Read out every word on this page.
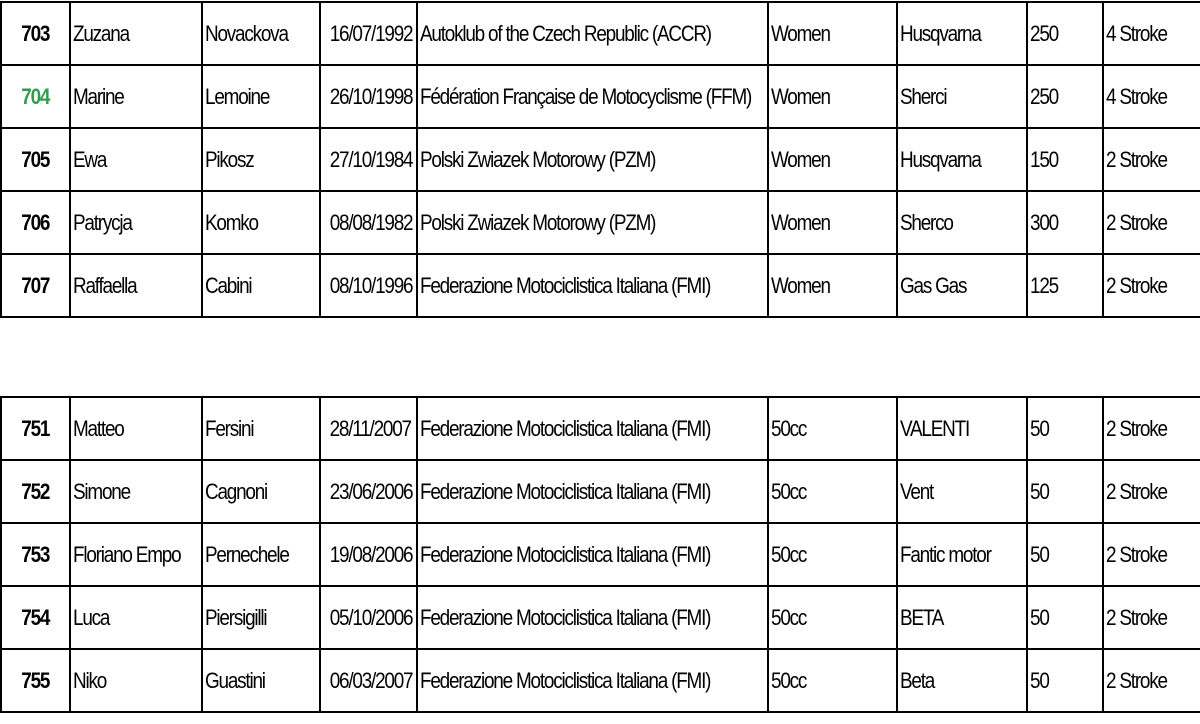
703	Zuzana	Novackova	16/07/1992	Autoklub of the Czech Republic (ACCR)	Women	Husqvarna	250	4 Stroke
704	Marine	Lemoine	26/10/1998	Fédération Française de Motocyclisme (FFM)	Women	Sherci	250	4 Stroke
705	Ewa	Pikosz	27/10/1984	Polski Zwiazek Motorowy (PZM)	Women	Husqvarna	150	2 Stroke
706	Patrycja	Komko	08/08/1982	Polski Zwiazek Motorowy (PZM)	Women	Sherco	300	2 Stroke
707	Raffaella	Cabini	08/10/1996	Federazione Motociclistica Italiana (FMI)	Women	Gas Gas	125	2 Stroke
751	Matteo	Fersini	28/11/2007	Federazione Motociclistica Italiana (FMI)	50cc	VALENTI	50	2 Stroke
752	Simone	Cagnoni	23/06/2006	Federazione Motociclistica Italiana (FMI)	50cc	Vent	50	2 Stroke
753	Floriano Empo	Pernechele	19/08/2006	Federazione Motociclistica Italiana (FMI)	50cc	Fantic motor	50	2 Stroke
754	Luca	Piersigilli	05/10/2006	Federazione Motociclistica Italiana (FMI)	50cc	BETA	50	2 Stroke
755	Niko	Guastini	06/03/2007	Federazione Motociclistica Italiana (FMI)	50cc	Beta	50	2 Stroke
